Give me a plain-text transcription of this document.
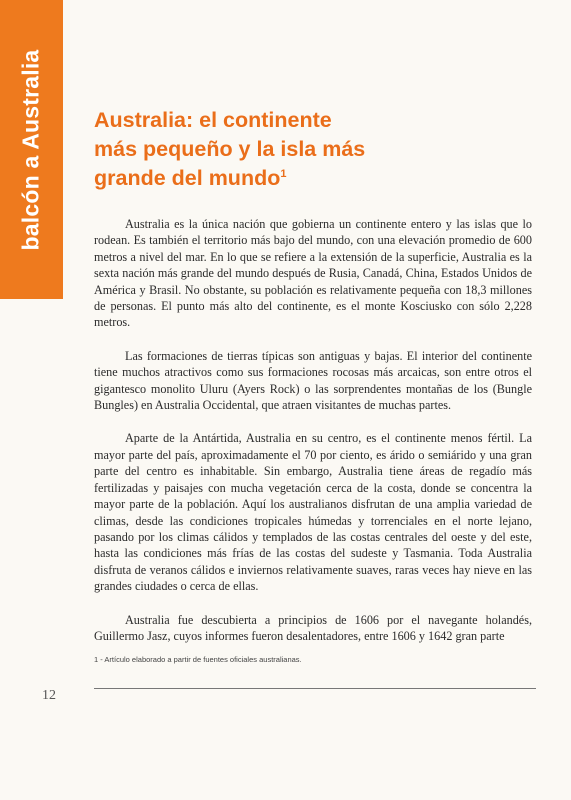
balcón a Australia Australia: el continente
más pequeño y la isla más
grande del mundo$^1$

Australia es la única nación que gobierna un continente entero y las islas que lo rodean. Es también el territorio más bajo del mundo, con una elevación promedio de 600 metros a nivel del mar. En lo que se refiere a la extensión de la superficie, Australia es la sexta nación más grande del mundo después de Rusia, Canadá, China, Estados Unidos de América y Brasil. No obstante, su población es relativamente pequeña con 18,3 millones de personas. El punto más alto del continente, es el monte Kosciusko con sólo 2,228 metros.

Las formaciones de tierras típicas son antiguas y bajas. El interior del continente tiene muchos atractivos como sus formaciones rocosas más arcaicas, son entre otros el gigantesco monolito Uluru (Ayers Rock) o las sorprendentes montañas de los (Bungle Bungles) en Australia Occidental, que atraen visitantes de muchas partes.

Aparte de la Antártida, Australia en su centro, es el continente menos fértil. La mayor parte del país, aproximadamente el 70 por ciento, es árido o semiárido y una gran parte del centro es inhabitable. Sin embargo, Australia tiene áreas de regadío más fertilizadas y paisajes con mucha vegetación cerca de la costa, donde se concentra la mayor parte de la población. Aquí los australianos disfrutan de una amplia variedad de climas, desde las condiciones tropicales húmedas y torrenciales en el norte lejano, pasando por los climas cálidos y templados de las costas centrales del oeste y del este, hasta las condiciones más frías de las costas del sudeste y Tasmania. Toda Australia disfruta de veranos cálidos e inviernos relativamente suaves, raras veces hay nieve en las grandes ciudades o cerca de ellas.

Australia fue descubierta a principios de 1606 por el navegante holandés, Guillermo Jasz, cuyos informes fueron desalentadores, entre 1606 y 1642 gran parte

1 - Artículo elaborado a partir de fuentes oficiales australianas.
12
